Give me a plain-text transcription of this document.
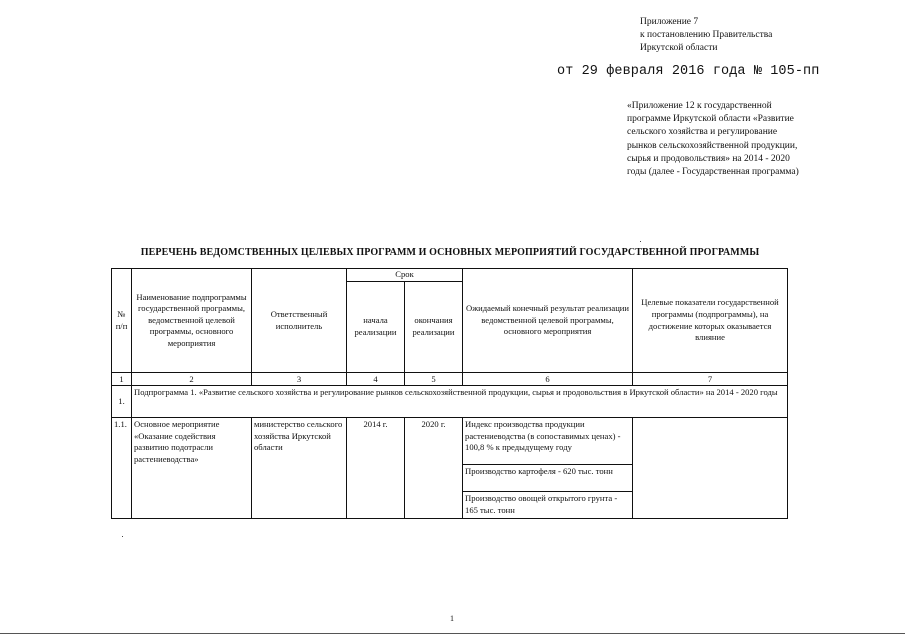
Приложение 7
к постановлению Правительства
Иркутской области
от 29 февраля 2016 года № 105-пп
«Приложение 12 к государственной программе Иркутской области «Развитие сельского хозяйства и регулирование рынков сельскохозяйственной продукции, сырья и продовольствия» на 2014 - 2020 годы (далее - Государственная программа)
ПЕРЕЧЕНЬ ВЕДОМСТВЕННЫХ ЦЕЛЕВЫХ ПРОГРАММ И ОСНОВНЫХ МЕРОПРИЯТИЙ ГОСУДАРСТВЕННОЙ ПРОГРАММЫ
№ п/п	Наименование подпрограммы государственной программы, ведомственной целевой программы, основного мероприятия	Ответственный исполнитель	Срок		Ожидаемый конечный результат реализации ведомственной целевой программы, основного мероприятия	Целевые показатели государственной программы (подпрограммы), на достижение которых оказывается влияние
			начала реализации	окончания реализации		
1	2	3	4	5	6	7
1.	Подпрограмма 1. «Развитие сельского хозяйства и регулирование рынков сельскохозяйственной продукции, сырья и продовольствия в Иркутской области» на 2014 - 2020 годы					
1.1.	Основное мероприятие «Оказание содействия развитию подотрасли растениеводства»	министерство сельского хозяйства Иркутской области	2014 г.	2020 г.	Индекс производства продукции растениеводства (в сопоставимых ценах) - 100,8 % к предыдущему году	
					Производство картофеля - 620 тыс. тонн	
					Производство овощей открытого грунта - 165 тыс. тонн	
1
